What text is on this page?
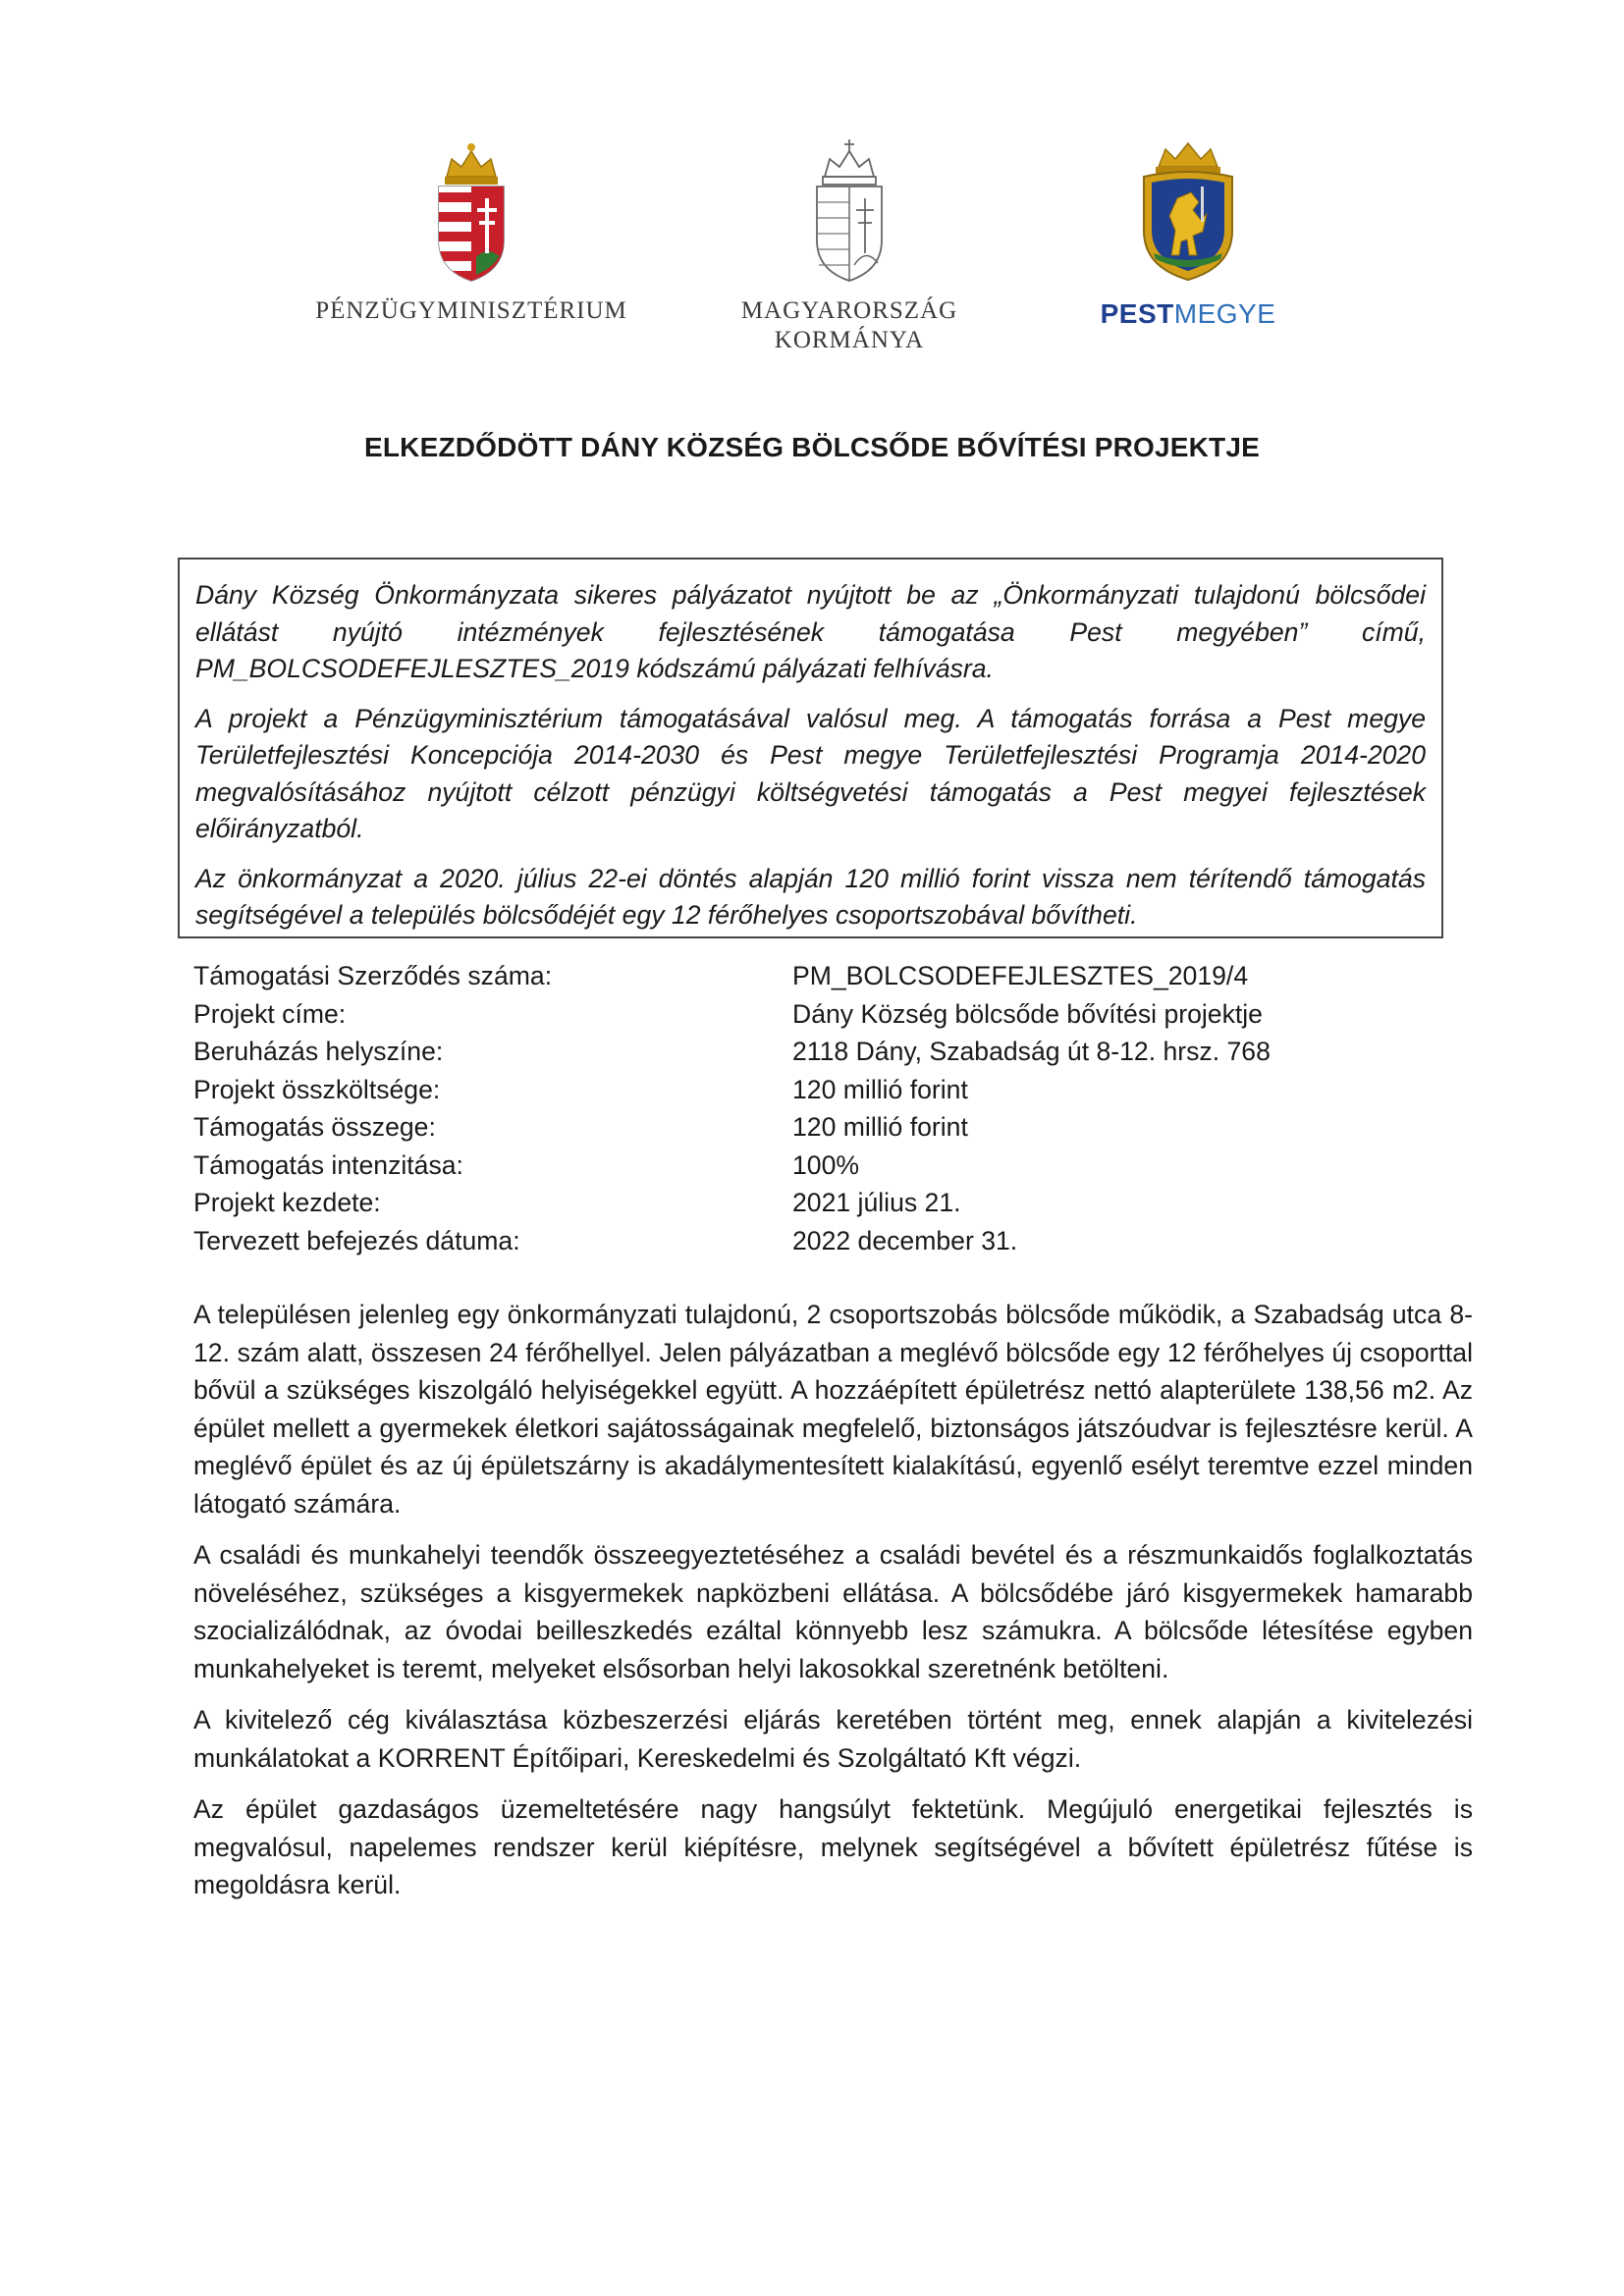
PÉNZÜGYMINISZTÉRIUM	MAGYARORSZÁG
KORMÁNYA
PESTMEGYE
ELKEZDŐDÖTT DÁNY KÖZSÉG BÖLCSŐDE BŐVÍTÉSI PROJEKTJE

Dány Község Önkormányzata sikeres pályázatot nyújtott be az „Önkormányzati tulajdonú bölcsődei ellátást nyújtó intézmények fejlesztésének támogatása Pest megyében” című, PM_BOLCSODEFEJLESZTES_2019 kódszámú pályázati felhívásra.

A projekt a Pénzügyminisztérium támogatásával valósul meg. A támogatás forrása a Pest megye Területfejlesztési Koncepciója 2014-2030 és Pest megye Területfejlesztési Programja 2014-2020 megvalósításához nyújtott célzott pénzügyi költségvetési támogatás a Pest megyei fejlesztések előirányzatból.

Az önkormányzat a 2020. július 22-ei döntés alapján 120 millió forint vissza nem térítendő támogatás segítségével a település bölcsődéjét egy 12 férőhelyes csoportszobával bővítheti.

Támogatási Szerződés száma:	PM_BOLCSODEFEJLESZTES_2019/4
Projekt címe:	Dány Község bölcsőde bővítési projektje
Beruházás helyszíne:	2118 Dány, Szabadság út 8-12. hrsz. 768
Projekt összköltsége:	120 millió forint
Támogatás összege:	120 millió forint
Támogatás intenzitása:	100%
Projekt kezdete:	2021 július 21.
Tervezett befejezés dátuma:	2022 december 31.

A településen jelenleg egy önkormányzati tulajdonú, 2 csoportszobás bölcsőde működik, a Szabadság utca 8-12. szám alatt, összesen 24 férőhellyel. Jelen pályázatban a meglévő bölcsőde egy 12 férőhelyes új csoporttal bővül a szükséges kiszolgáló helyiségekkel együtt. A hozzáépített épületrész nettó alapterülete 138,56 m2. Az épület mellett a gyermekek életkori sajátosságainak megfelelő, biztonságos játszóudvar is fejlesztésre kerül. A meglévő épület és az új épületszárny is akadálymentesített kialakítású, egyenlő esélyt teremtve ezzel minden látogató számára.

A családi és munkahelyi teendők összeegyeztetéséhez a családi bevétel és a részmunkaidős foglalkoztatás növeléséhez, szükséges a kisgyermekek napközbeni ellátása. A bölcsődébe járó kisgyermekek hamarabb szocializálódnak, az óvodai beilleszkedés ezáltal könnyebb lesz számukra. A bölcsőde létesítése egyben munkahelyeket is teremt, melyeket elsősorban helyi lakosokkal szeretnénk betölteni.

A kivitelező cég kiválasztása közbeszerzési eljárás keretében történt meg, ennek alapján a kivitelezési munkálatokat a KORRENT Építőipari, Kereskedelmi és Szolgáltató Kft végzi.

Az épület gazdaságos üzemeltetésére nagy hangsúlyt fektetünk. Megújuló energetikai fejlesztés is megvalósul, napelemes rendszer kerül kiépítésre, melynek segítségével a bővített épületrész fűtése is megoldásra kerül.
